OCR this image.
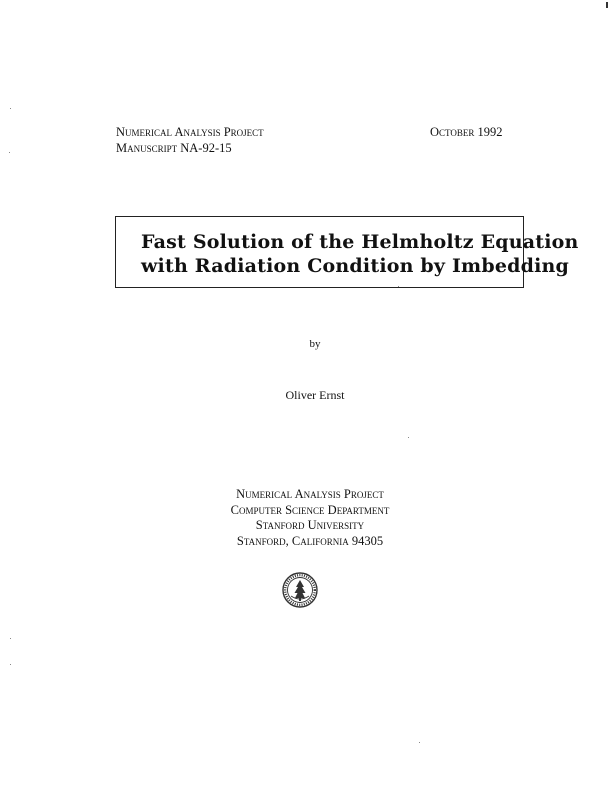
Numerical Analysis Project
Manuscript NA-92-15
October 1992
Fast Solution of the Helmholtz Equation
with Radiation Condition by Imbedding
by
Oliver Ernst
Numerical Analysis Project
Computer Science Department
Stanford University
Stanford, California 94305
